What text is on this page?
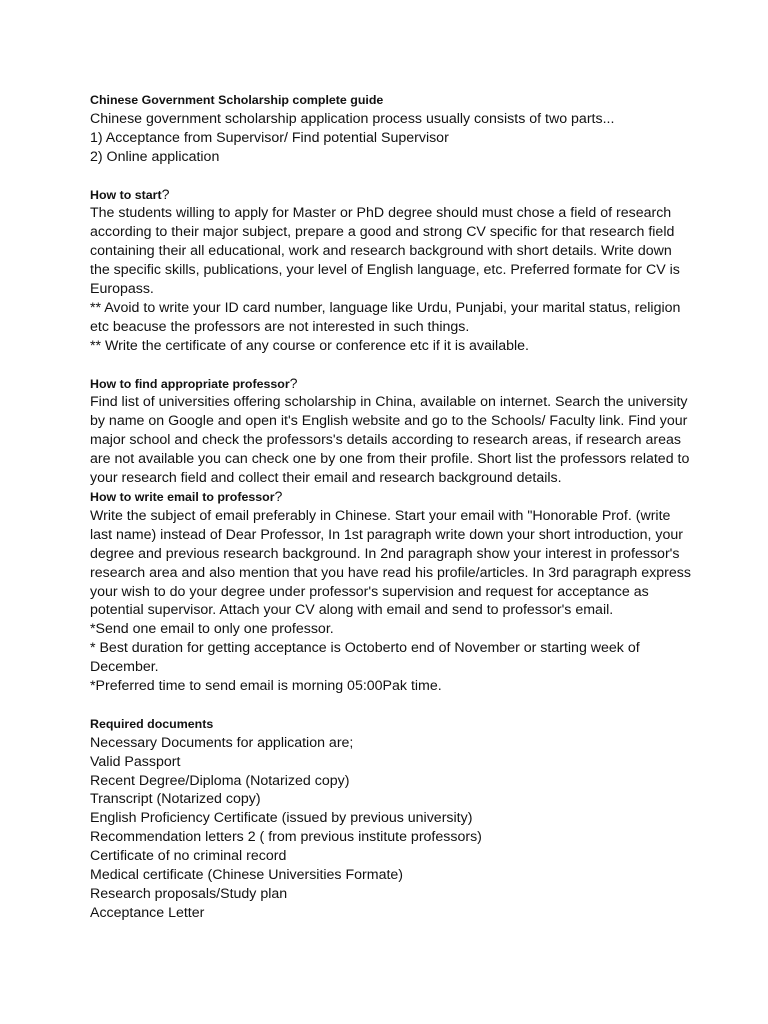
Chinese Government Scholarship complete guide
Chinese government scholarship application process usually consists of two parts...
1) Acceptance from Supervisor/ Find potential Supervisor
2) Online application
How to start?
The students willing to apply for Master or PhD degree should must chose a field of research
according to their major subject, prepare a good and strong CV specific for that research field
containing their all educational, work and research background with short details. Write down
the specific skills, publications, your level of English language, etc. Preferred formate for CV is
Europass.
** Avoid to write your ID card number, language like Urdu, Punjabi, your marital status, religion
etc beacuse the professors are not interested in such things.
** Write the certificate of any course or conference etc if it is available.
How to find appropriate professor?
Find list of universities offering scholarship in China, available on internet. Search the university
by name on Google and open it's English website and go to the Schools/ Faculty link. Find your
major school and check the professors's details according to research areas, if research areas
are not available you can check one by one from their profile. Short list the professors related to
your research field and collect their email and research background details.
How to write email to professor?
Write the subject of email preferably in Chinese. Start your email with "Honorable Prof. (write
last name) instead of Dear Professor, In 1st paragraph write down your short introduction, your
degree and previous research background. In 2nd paragraph show your interest in professor's
research area and also mention that you have read his profile/articles. In 3rd paragraph express
your wish to do your degree under professor's supervision and request for acceptance as
potential supervisor. Attach your CV along with email and send to professor's email.
*Send one email to only one professor.
* Best duration for getting acceptance is Octoberto end of November or starting week of
December.
*Preferred time to send email is morning 05:00Pak time.
Required documents
Necessary Documents for application are;
Valid Passport
Recent Degree/Diploma (Notarized copy)
Transcript (Notarized copy)
English Proficiency Certificate (issued by previous university)
Recommendation letters 2 ( from previous institute professors)
Certificate of no criminal record
Medical certificate (Chinese Universities Formate)
Research proposals/Study plan
Acceptance Letter
